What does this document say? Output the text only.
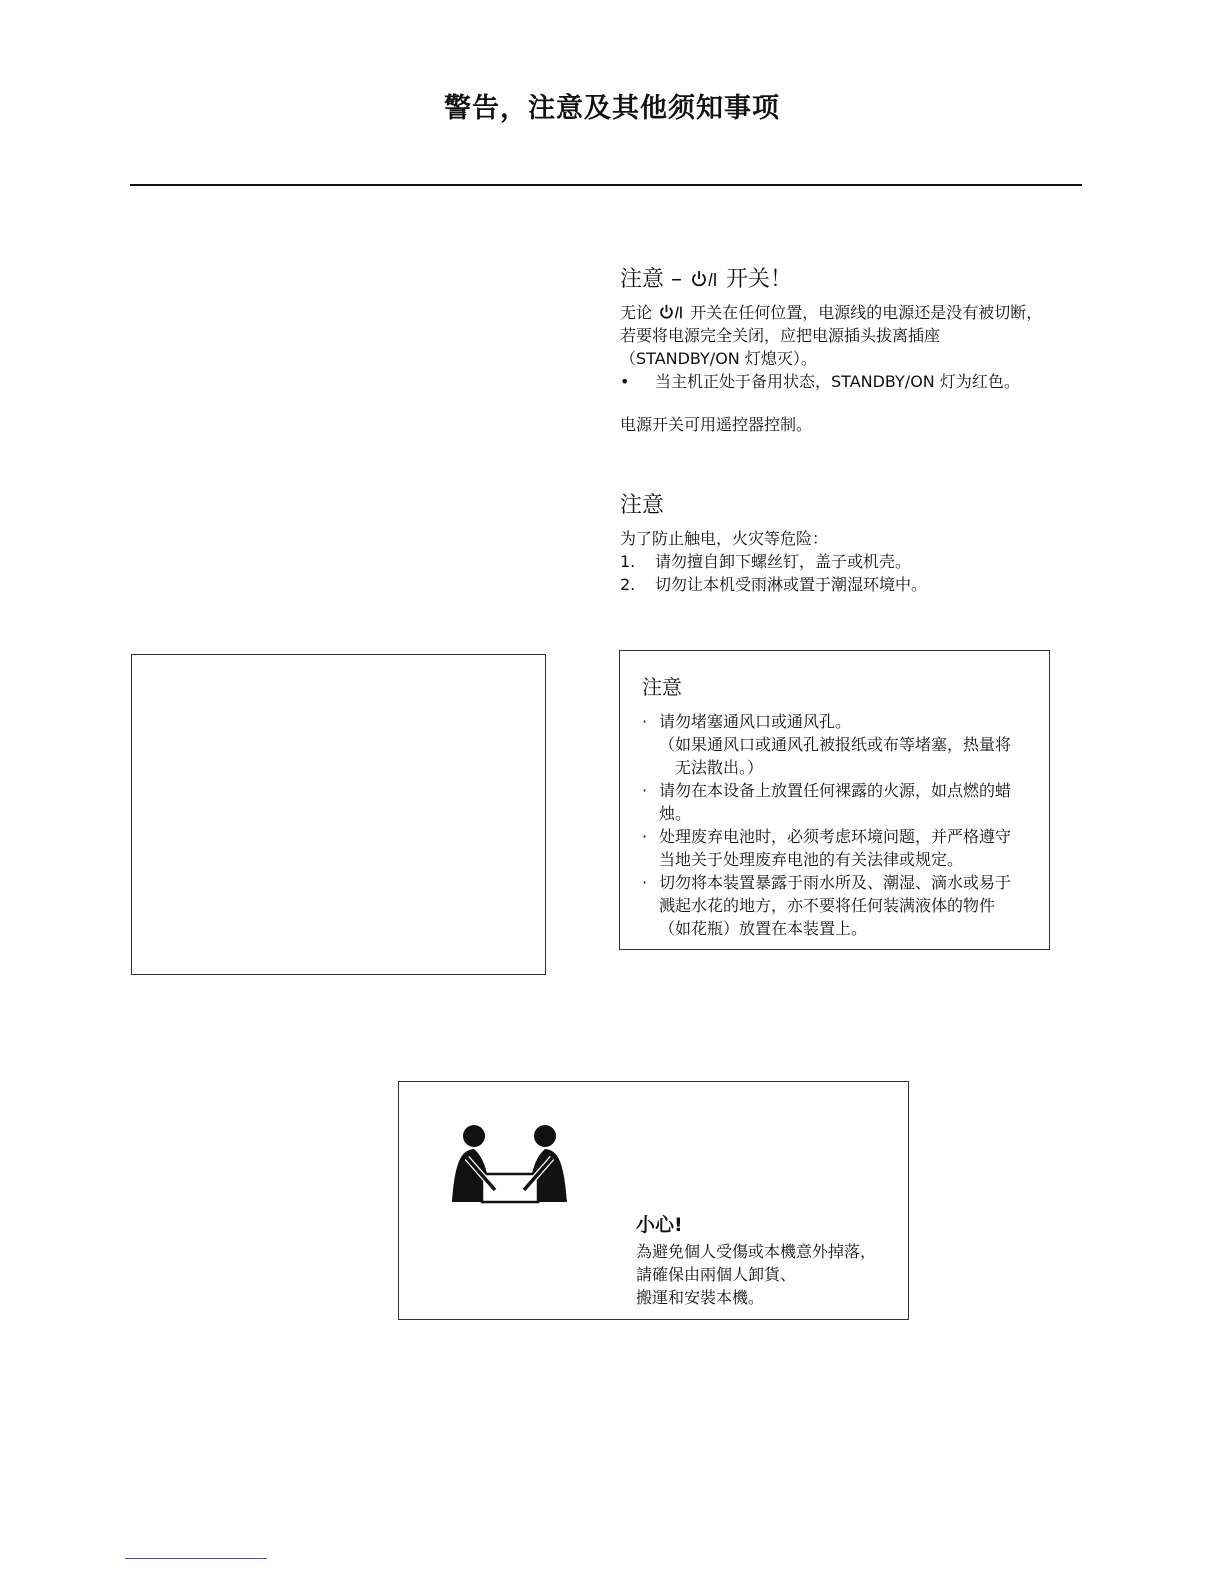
警告，注意及其他须知事项
注意 – 开关！
无论 开关在任何位置，电源线的电源还是没有被切断，
若要将电源完全关闭，应把电源插头拔离插座
（STANDBY/ON 灯熄灭）。
•	当主机正处于备用状态，STANDBY/ON 灯为红色。
电源开关可用遥控器控制。
注意
为了防止触电，火灾等危险：
1.	请勿擅自卸下螺丝钉，盖子或机壳。
2.	切勿让本机受雨淋或置于潮湿环境中。
注意
· 请勿堵塞通风口或通风孔。
（如果通风口或通风孔被报纸或布等堵塞，热量将
无法散出。）
· 请勿在本设备上放置任何裸露的火源，如点燃的蜡
烛。
· 处理废弃电池时，必须考虑环境问题，并严格遵守
当地关于处理废弃电池的有关法律或规定。
· 切勿将本装置暴露于雨水所及、潮湿、滴水或易于
溅起水花的地方，亦不要将任何装满液体的物件
（如花瓶）放置在本装置上。
小心!
為避免個人受傷或本機意外掉落，
請確保由兩個人卸貨、
搬運和安裝本機。
